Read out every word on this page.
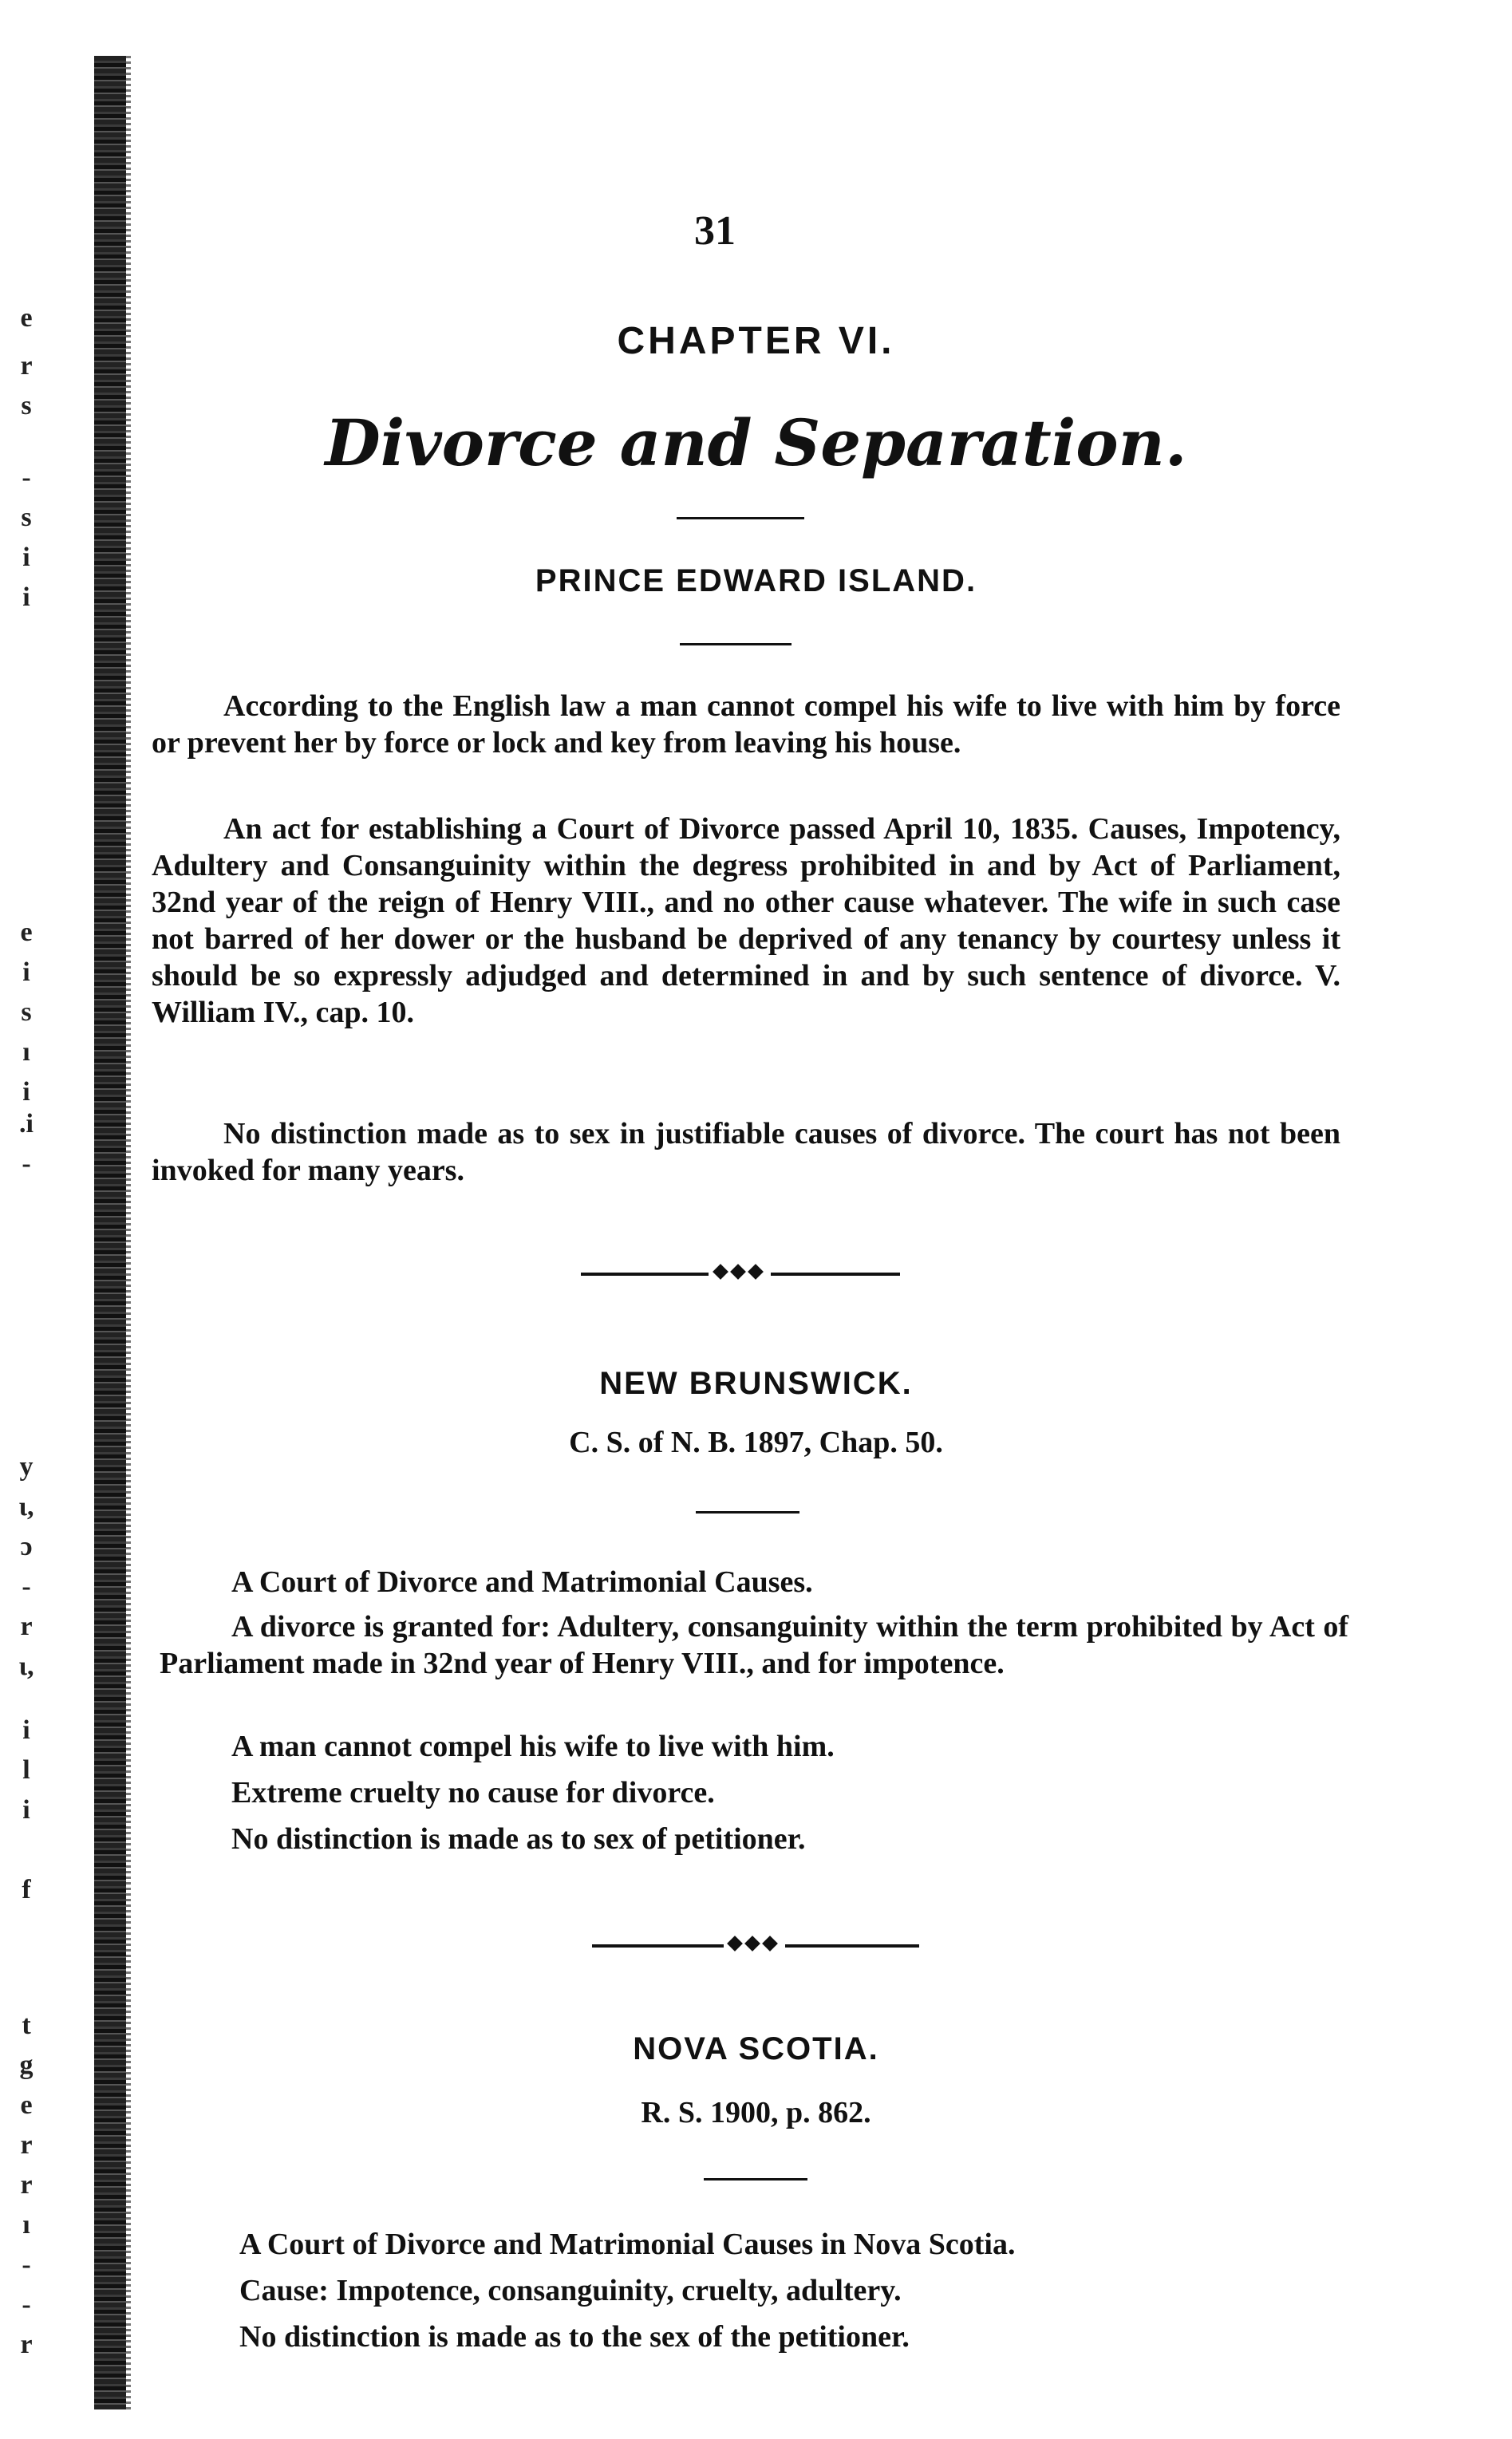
e
r
s
-
s
i
i
e
i
s
ı
i
.i
-
y
ι,
ɔ
-
r
ι,
i
l
i
f
t
g
e
r
r
ı
-
-
r
31
CHAPTER VI.
Divorce and Separation.
PRINCE EDWARD ISLAND.
According to the English law a man cannot compel his wife to live with him by force or prevent her by force or lock and key from leaving his house.
An act for establishing a Court of Divorce passed April 10, 1835. Causes, Impotency, Adultery and Consanguinity within the degress prohibited in and by Act of Parliament, 32nd year of the reign of Henry VIII., and no other cause whatever. The wife in such case not barred of her dower or the husband be deprived of any tenancy by courtesy unless it should be so expressly adjudged and determined in and by such sentence of divorce. V. William IV., cap. 10.
No distinction made as to sex in justifiable causes of divorce. The court has not been invoked for many years.
NEW BRUNSWICK.
C. S. of N. B. 1897, Chap. 50.
A Court of Divorce and Matrimonial Causes.
A divorce is granted for: Adultery, consanguinity within the term prohibited by Act of Parliament made in 32nd year of Henry VIII., and for impotence.
A man cannot compel his wife to live with him.
Extreme cruelty no cause for divorce.
No distinction is made as to sex of petitioner.
NOVA SCOTIA.
R. S. 1900, p. 862.
A Court of Divorce and Matrimonial Causes in Nova Scotia.
Cause: Impotence, consanguinity, cruelty, adultery.
No distinction is made as to the sex of the petitioner.
